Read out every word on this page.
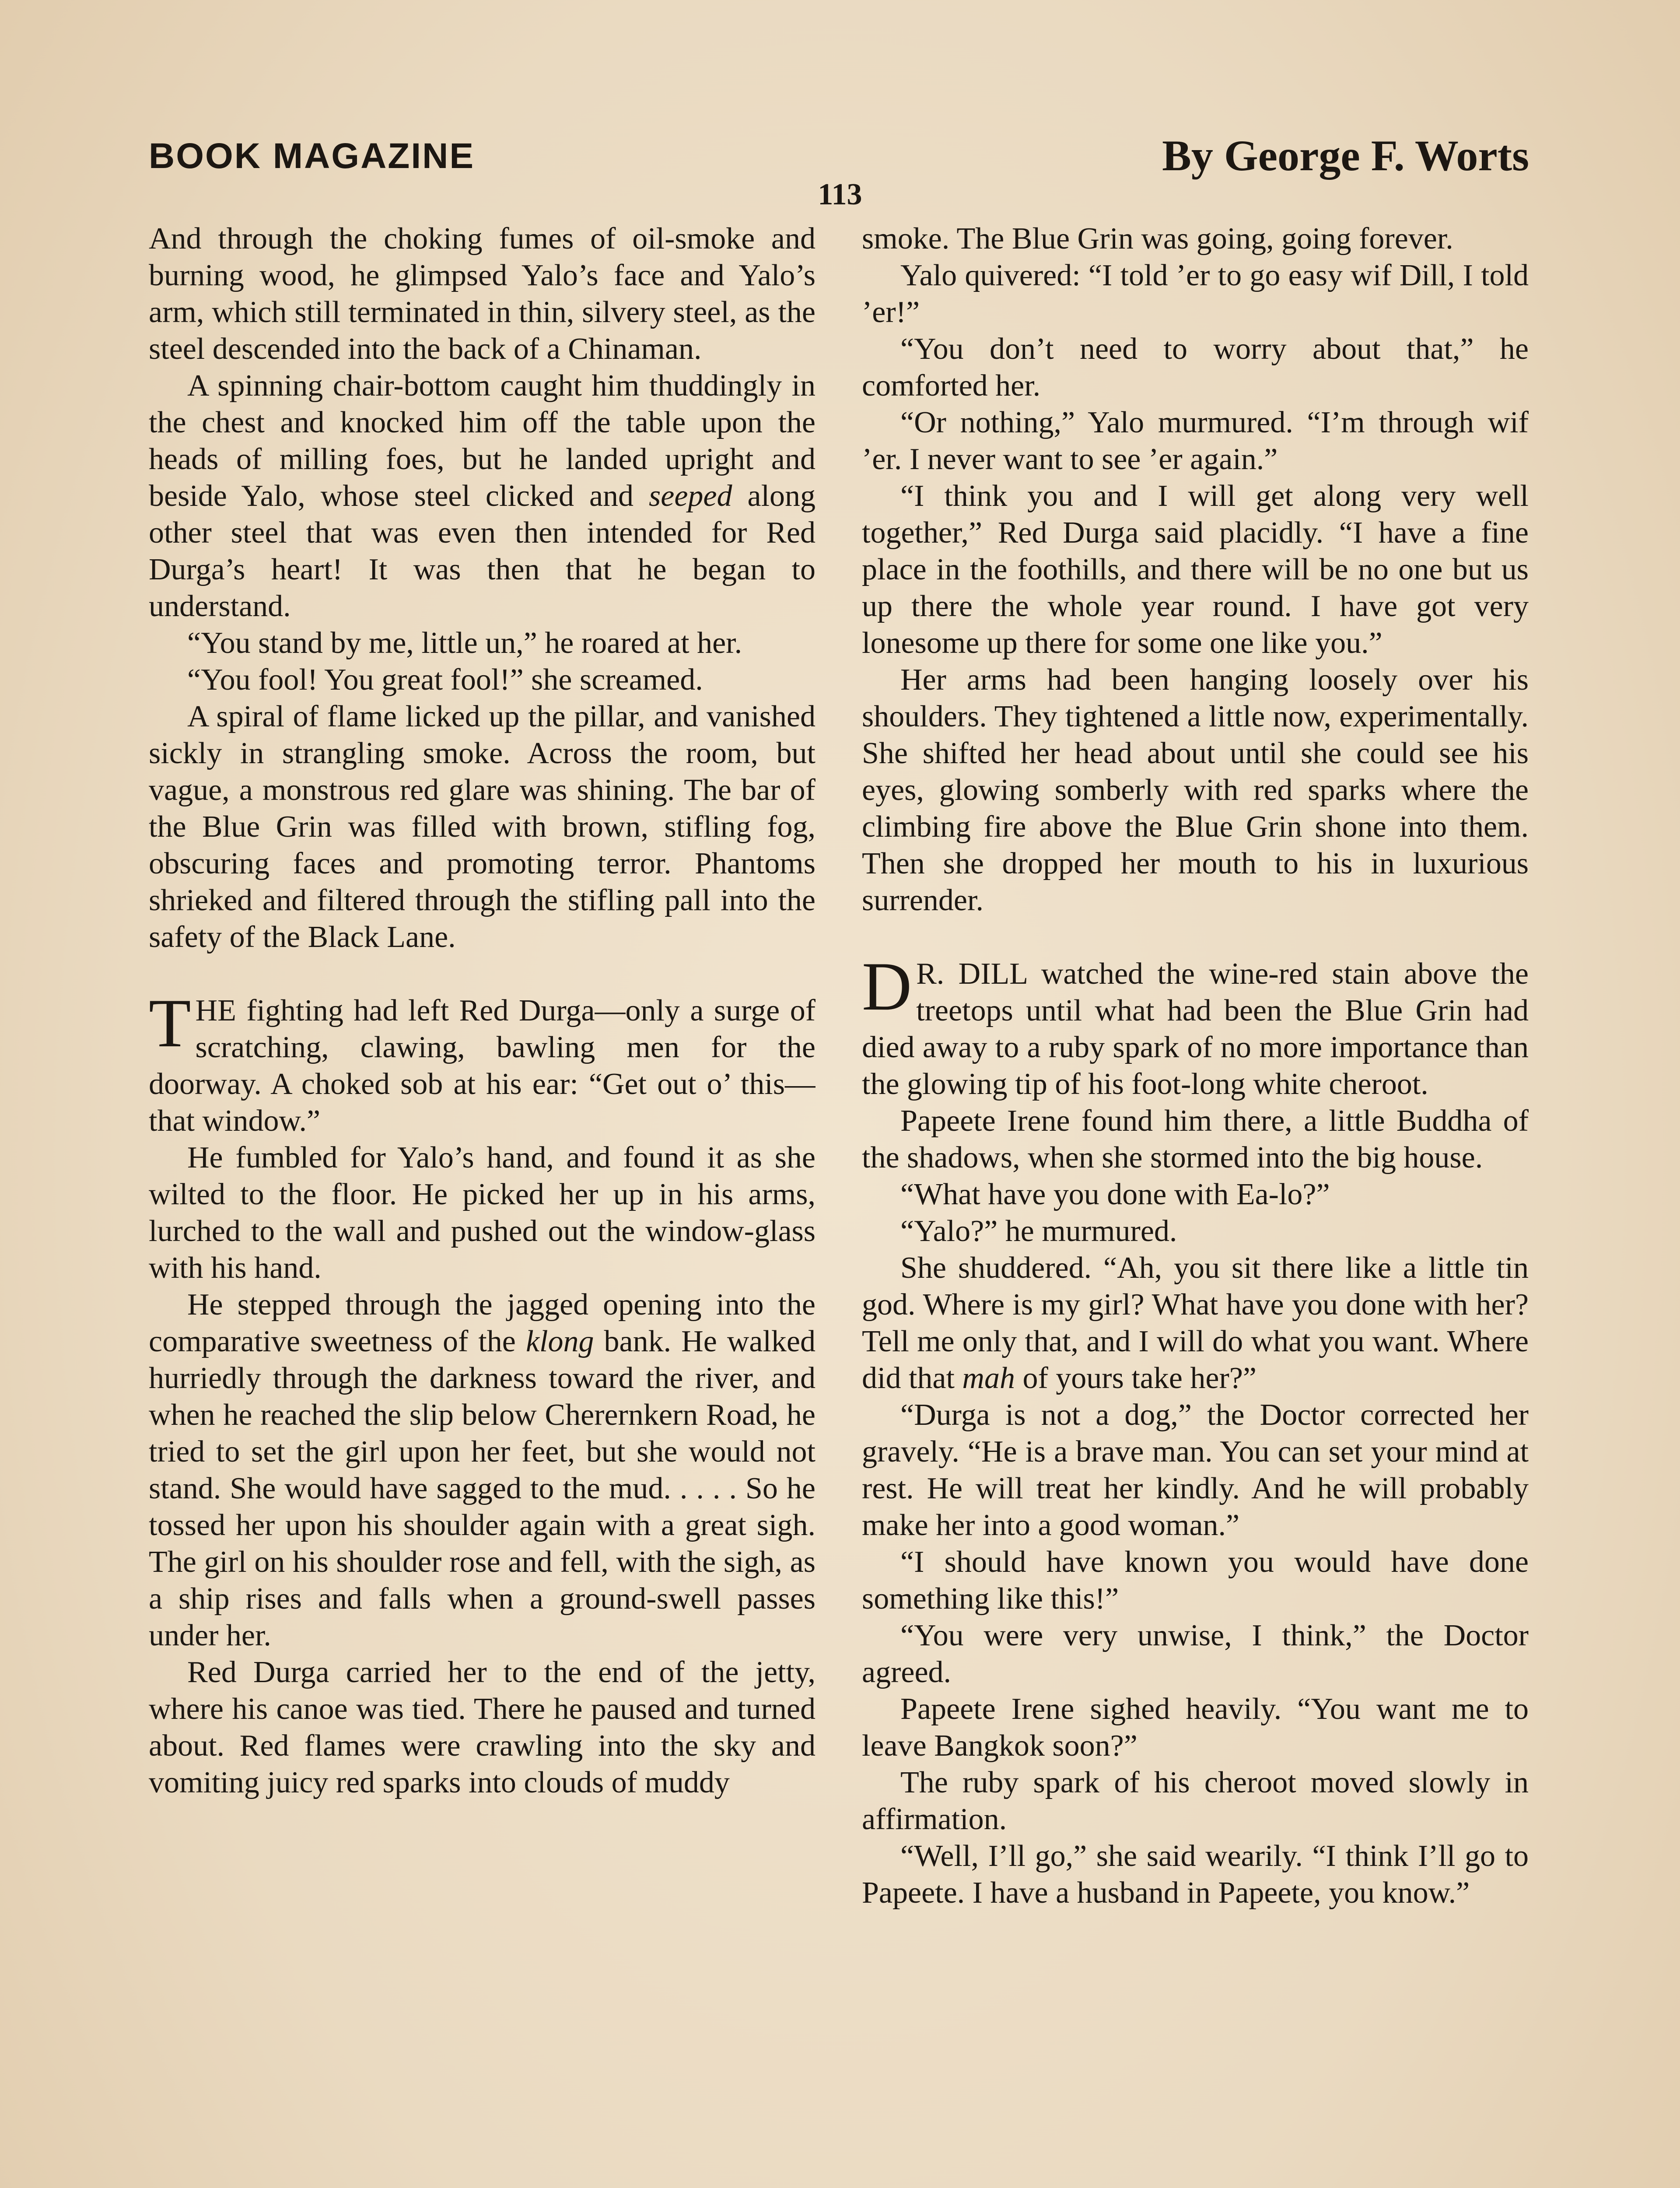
BOOK MAGAZINE	By George F. Worts
113

And through the choking fumes of oil-smoke and burning wood, he glimpsed Yalo’s face and Yalo’s arm, which still terminated in thin, silvery steel, as the steel descended into the back of a Chinaman.

A spinning chair-bottom caught him thuddingly in the chest and knocked him off the table upon the heads of milling foes, but he landed upright and beside Yalo, whose steel clicked and seeped along other steel that was even then intended for Red Durga’s heart! It was then that he began to understand.

“You stand by me, little un,” he roared at her.

“You fool! You great fool!” she screamed.

A spiral of flame licked up the pillar, and vanished sickly in strangling smoke. Across the room, but vague, a monstrous red glare was shining. The bar of the Blue Grin was filled with brown, stifling fog, obscuring faces and promoting terror. Phantoms shrieked and filtered through the stifling pall into the safety of the Black Lane.

THE fighting had left Red Durga—only a surge of scratching, clawing, bawling men for the doorway. A choked sob at his ear: “Get out o’ this—that window.”

He fumbled for Yalo’s hand, and found it as she wilted to the floor. He picked her up in his arms, lurched to the wall and pushed out the window-glass with his hand.

He stepped through the jagged opening into the comparative sweetness of the klong bank. He walked hurriedly through the darkness toward the river, and when he reached the slip below Cherernkern Road, he tried to set the girl upon her feet, but she would not stand. She would have sagged to the mud. . . . . So he tossed her upon his shoulder again with a great sigh. The girl on his shoulder rose and fell, with the sigh, as a ship rises and falls when a ground-swell passes under her.

Red Durga carried her to the end of the jetty, where his canoe was tied. There he paused and turned about. Red flames were crawling into the sky and vomiting juicy red sparks into clouds of muddy

smoke. The Blue Grin was going, going forever.

Yalo quivered: “I told ’er to go easy wif Dill, I told ’er!”

“You don’t need to worry about that,” he comforted her.

“Or nothing,” Yalo murmured. “I’m through wif ’er. I never want to see ’er again.”

“I think you and I will get along very well together,” Red Durga said placidly. “I have a fine place in the foothills, and there will be no one but us up there the whole year round. I have got very lonesome up there for some one like you.”

Her arms had been hanging loosely over his shoulders. They tightened a little now, experimentally. She shifted her head about until she could see his eyes, glowing somberly with red sparks where the climbing fire above the Blue Grin shone into them. Then she dropped her mouth to his in luxurious surrender.

D R. DILL watched the wine-red stain above the treetops until what had been the Blue Grin had died away to a ruby spark of no more importance than the glowing tip of his foot-long white cheroot.

Papeete Irene found him there, a little Buddha of the shadows, when she stormed into the big house.

“What have you done with Ea-lo?”

“Yalo?” he murmured.

She shuddered. “Ah, you sit there like a little tin god. Where is my girl? What have you done with her? Tell me only that, and I will do what you want. Where did that mah of yours take her?”

“Durga is not a dog,” the Doctor corrected her gravely. “He is a brave man. You can set your mind at rest. He will treat her kindly. And he will probably make her into a good woman.”

“I should have known you would have done something like this!”

“You were very unwise, I think,” the Doctor agreed.

Papeete Irene sighed heavily. “You want me to leave Bangkok soon?”

The ruby spark of his cheroot moved slowly in affirmation.

“Well, I’ll go,” she said wearily. “I think I’ll go to Papeete. I have a husband in Papeete, you know.”
